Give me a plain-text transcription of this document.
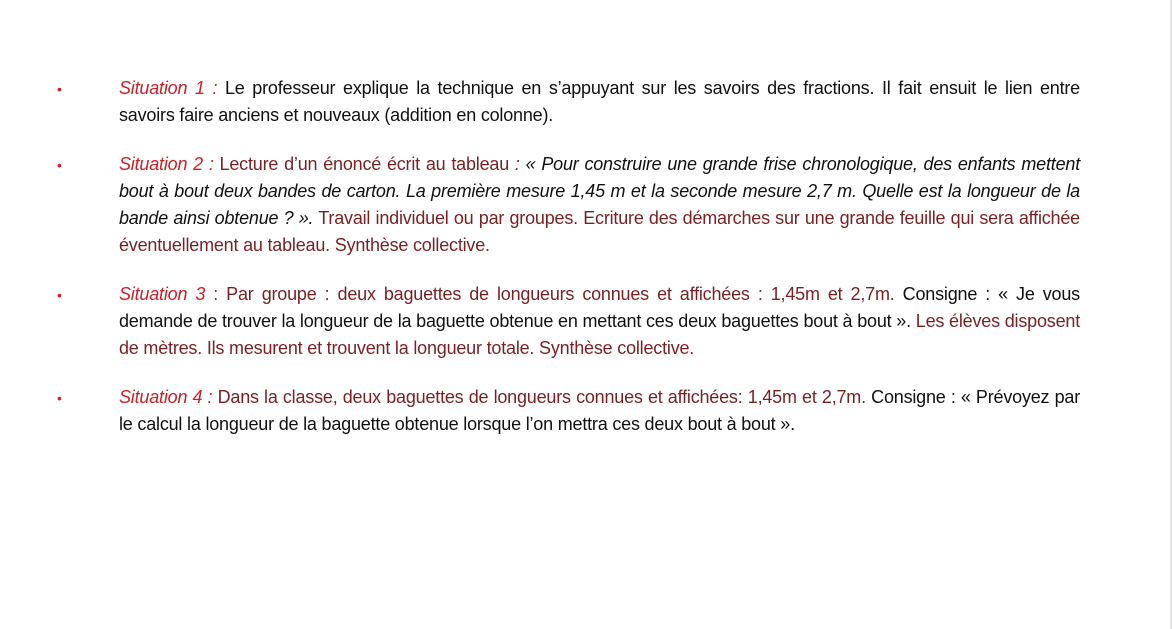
•	Situation 1 : Le professeur explique la technique en s’appuyant sur les savoirs des fractions. Il fait ensuit le lien entre savoirs faire anciens et nouveaux (addition en colonne).
•	Situation 2 : Lecture d’un énoncé écrit au tableau : « Pour construire une grande frise chronologique, des enfants mettent bout à bout deux bandes de carton. La première mesure 1,45 m et la seconde mesure 2,7 m. Quelle est la longueur de la bande ainsi obtenue ? ». Travail individuel ou par groupes. Ecriture des démarches sur une grande feuille qui sera affichée éventuellement au tableau. Synthèse collective.
•	Situation 3 : Par groupe : deux baguettes de longueurs connues et affichées : 1,45m et 2,7m. Consigne : « Je vous demande de trouver la longueur de la baguette obtenue en mettant ces deux baguettes bout à bout ». Les élèves disposent de mètres. Ils mesurent et trouvent la longueur totale. Synthèse collective.
•	Situation 4 : Dans la classe, deux baguettes de longueurs connues et affichées: 1,45m et 2,7m. Consigne : « Prévoyez par le calcul la longueur de la baguette obtenue lorsque l’on mettra ces deux bout à bout ».
